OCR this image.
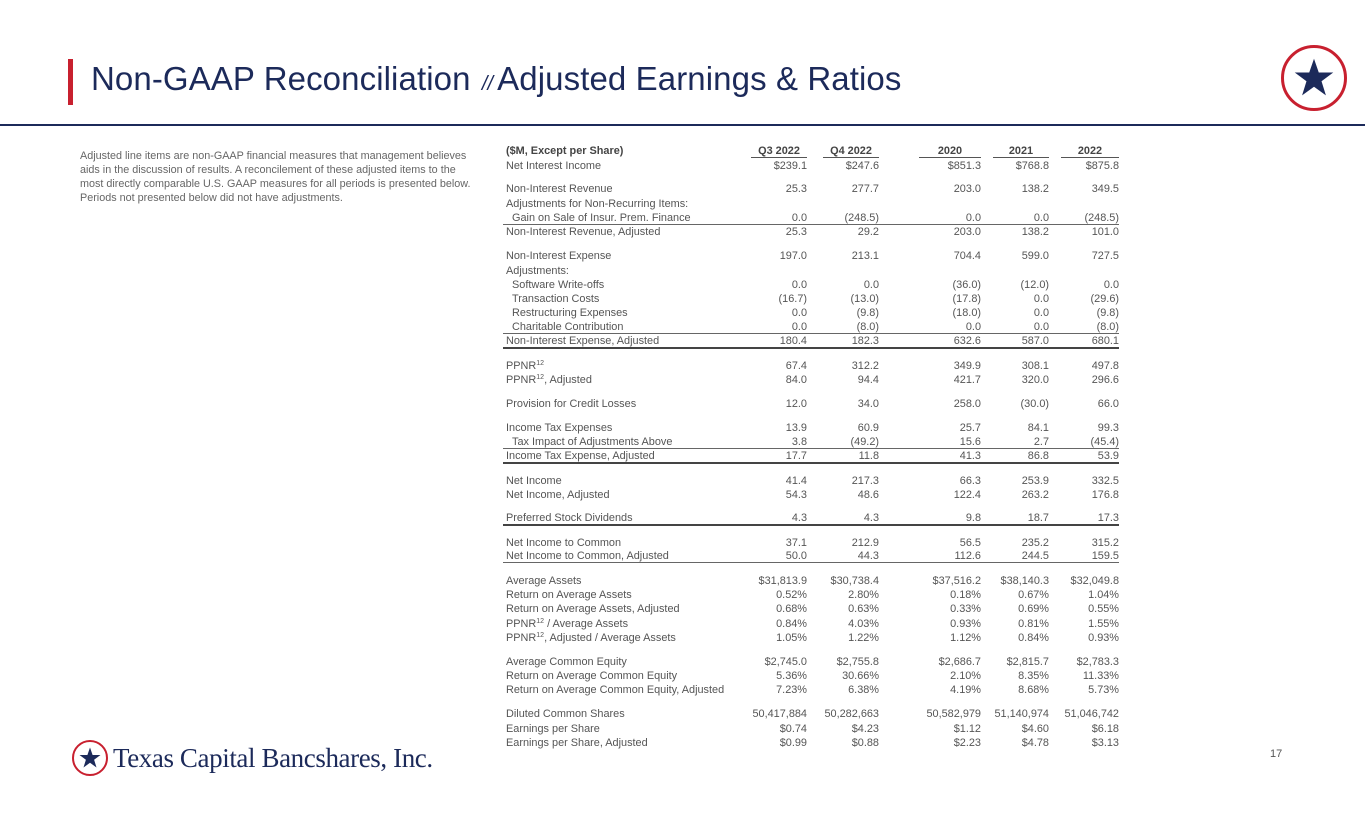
Non-GAAP Reconciliation // Adjusted Earnings & Ratios
Adjusted line items are non-GAAP financial measures that management believes aids in the discussion of results. A reconcilement of these adjusted items to the most directly comparable U.S. GAAP measures for all periods is presented below. Periods not presented below did not have adjustments.
($M, Except per Share)	Q3 2022		Q4 2022		2020		2021		2022
Net Interest Income	$239.1		$247.6		$851.3		$768.8		$875.8

Non-Interest Revenue	25.3		277.7		203.0		138.2		349.5
Adjustments for Non-Recurring Items:									
Gain on Sale of Insur. Prem. Finance	0.0		(248.5)		0.0		0.0		(248.5)
Non-Interest Revenue, Adjusted	25.3		29.2		203.0		138.2		101.0

Non-Interest Expense	197.0		213.1		704.4		599.0		727.5
Adjustments:									
Software Write-offs	0.0		0.0		(36.0)		(12.0)		0.0
Transaction Costs	(16.7)		(13.0)		(17.8)		0.0		(29.6)
Restructuring Expenses	0.0		(9.8)		(18.0)		0.0		(9.8)
Charitable Contribution	0.0		(8.0)		0.0		0.0		(8.0)
Non-Interest Expense, Adjusted	180.4		182.3		632.6		587.0		680.1

PPNR$^{12}$	67.4		312.2		349.9		308.1		497.8
PPNR$^{12}$, Adjusted	84.0		94.4		421.7		320.0		296.6

Provision for Credit Losses	12.0		34.0		258.0		(30.0)		66.0

Income Tax Expenses	13.9		60.9		25.7		84.1		99.3
Tax Impact of Adjustments Above	3.8		(49.2)		15.6		2.7		(45.4)
Income Tax Expense, Adjusted	17.7		11.8		41.3		86.8		53.9

Net Income	41.4		217.3		66.3		253.9		332.5
Net Income, Adjusted	54.3		48.6		122.4		263.2		176.8

Preferred Stock Dividends	4.3		4.3		9.8		18.7		17.3

Net Income to Common	37.1		212.9		56.5		235.2		315.2
Net Income to Common, Adjusted	50.0		44.3		112.6		244.5		159.5

Average Assets	$31,813.9		$30,738.4		$37,516.2		$38,140.3		$32,049.8
Return on Average Assets	0.52%		2.80%		0.18%		0.67%		1.04%
Return on Average Assets, Adjusted	0.68%		0.63%		0.33%		0.69%		0.55%
PPNR$^{12}$ / Average Assets	0.84%		4.03%		0.93%		0.81%		1.55%
PPNR$^{12}$, Adjusted / Average Assets	1.05%		1.22%		1.12%		0.84%		0.93%

Average Common Equity	$2,745.0		$2,755.8		$2,686.7		$2,815.7		$2,783.3
Return on Average Common Equity	5.36%		30.66%		2.10%		8.35%		11.33%
Return on Average Common Equity, Adjusted	7.23%		6.38%		4.19%		8.68%		5.73%

Diluted Common Shares	50,417,884		50,282,663		50,582,979		51,140,974		51,046,742
Earnings per Share	$0.74		$4.23		$1.12		$4.60		$6.18
Earnings per Share, Adjusted	$0.99		$0.88		$2.23		$4.78		$3.13
Texas Capital Bancshares, Inc.	17
